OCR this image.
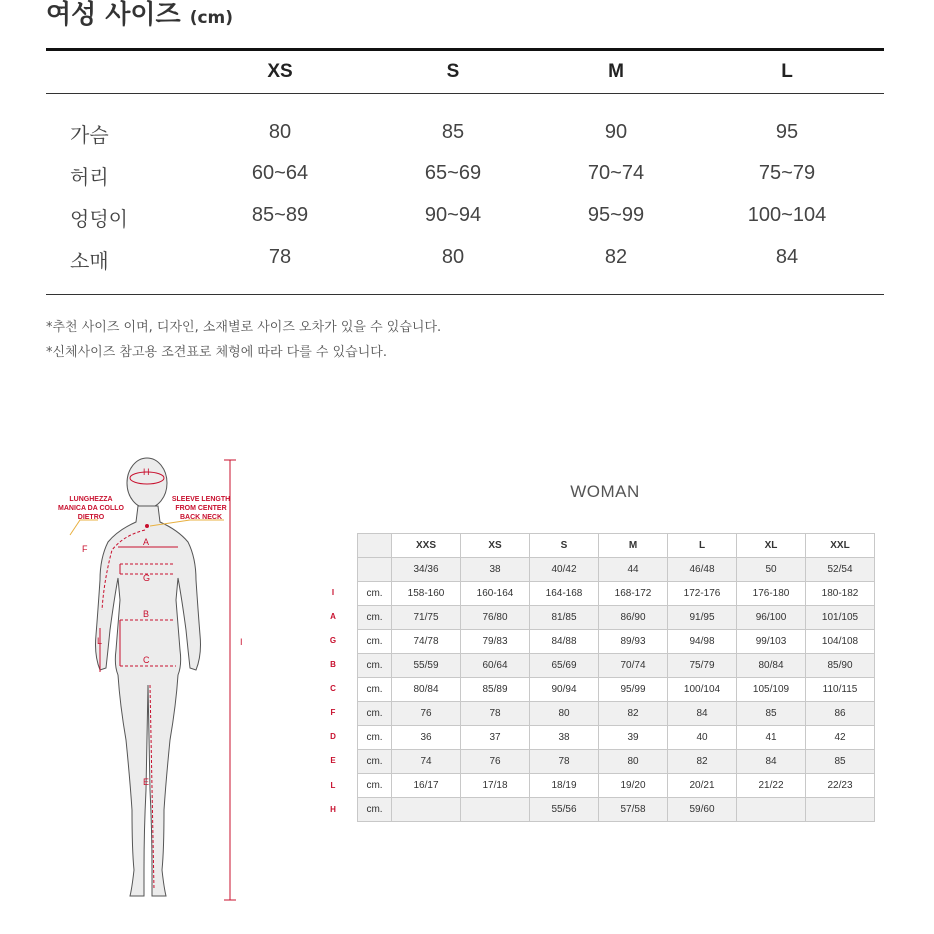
여성 사이즈 (cm)
XS	S	M	L
가슴	80	85	90	95
허리	60~64	65~69	70~74	75~79
엉덩이	85~89	90~94	95~99	100~104
소매	78	80	82	84
*추천 사이즈 이며, 디자인, 소재별로 사이즈 오차가 있을 수 있습니다.
*신체사이즈 참고용 조견표로 체형에 따라 다를 수 있습니다.
LUNGHEZZA MANICA DA COLLO DIETRO
SLEEVE LENGTH FROM CENTER BACK NECK
H
A
G
B
C
F
L
E
I
WOMAN
I
A
G
B
C
F
D
E
L
H
	XXS	XS	S	M	L	XL	XXL
	34/36	38	40/42	44	46/48	50	52/54
cm.	158-160	160-164	164-168	168-172	172-176	176-180	180-182
cm.	71/75	76/80	81/85	86/90	91/95	96/100	101/105
cm.	74/78	79/83	84/88	89/93	94/98	99/103	104/108
cm.	55/59	60/64	65/69	70/74	75/79	80/84	85/90
cm.	80/84	85/89	90/94	95/99	100/104	105/109	110/115
cm.	76	78	80	82	84	85	86
cm.	36	37	38	39	40	41	42
cm.	74	76	78	80	82	84	85
cm.	16/17	17/18	18/19	19/20	20/21	21/22	22/23
cm.			55/56	57/58	59/60		
